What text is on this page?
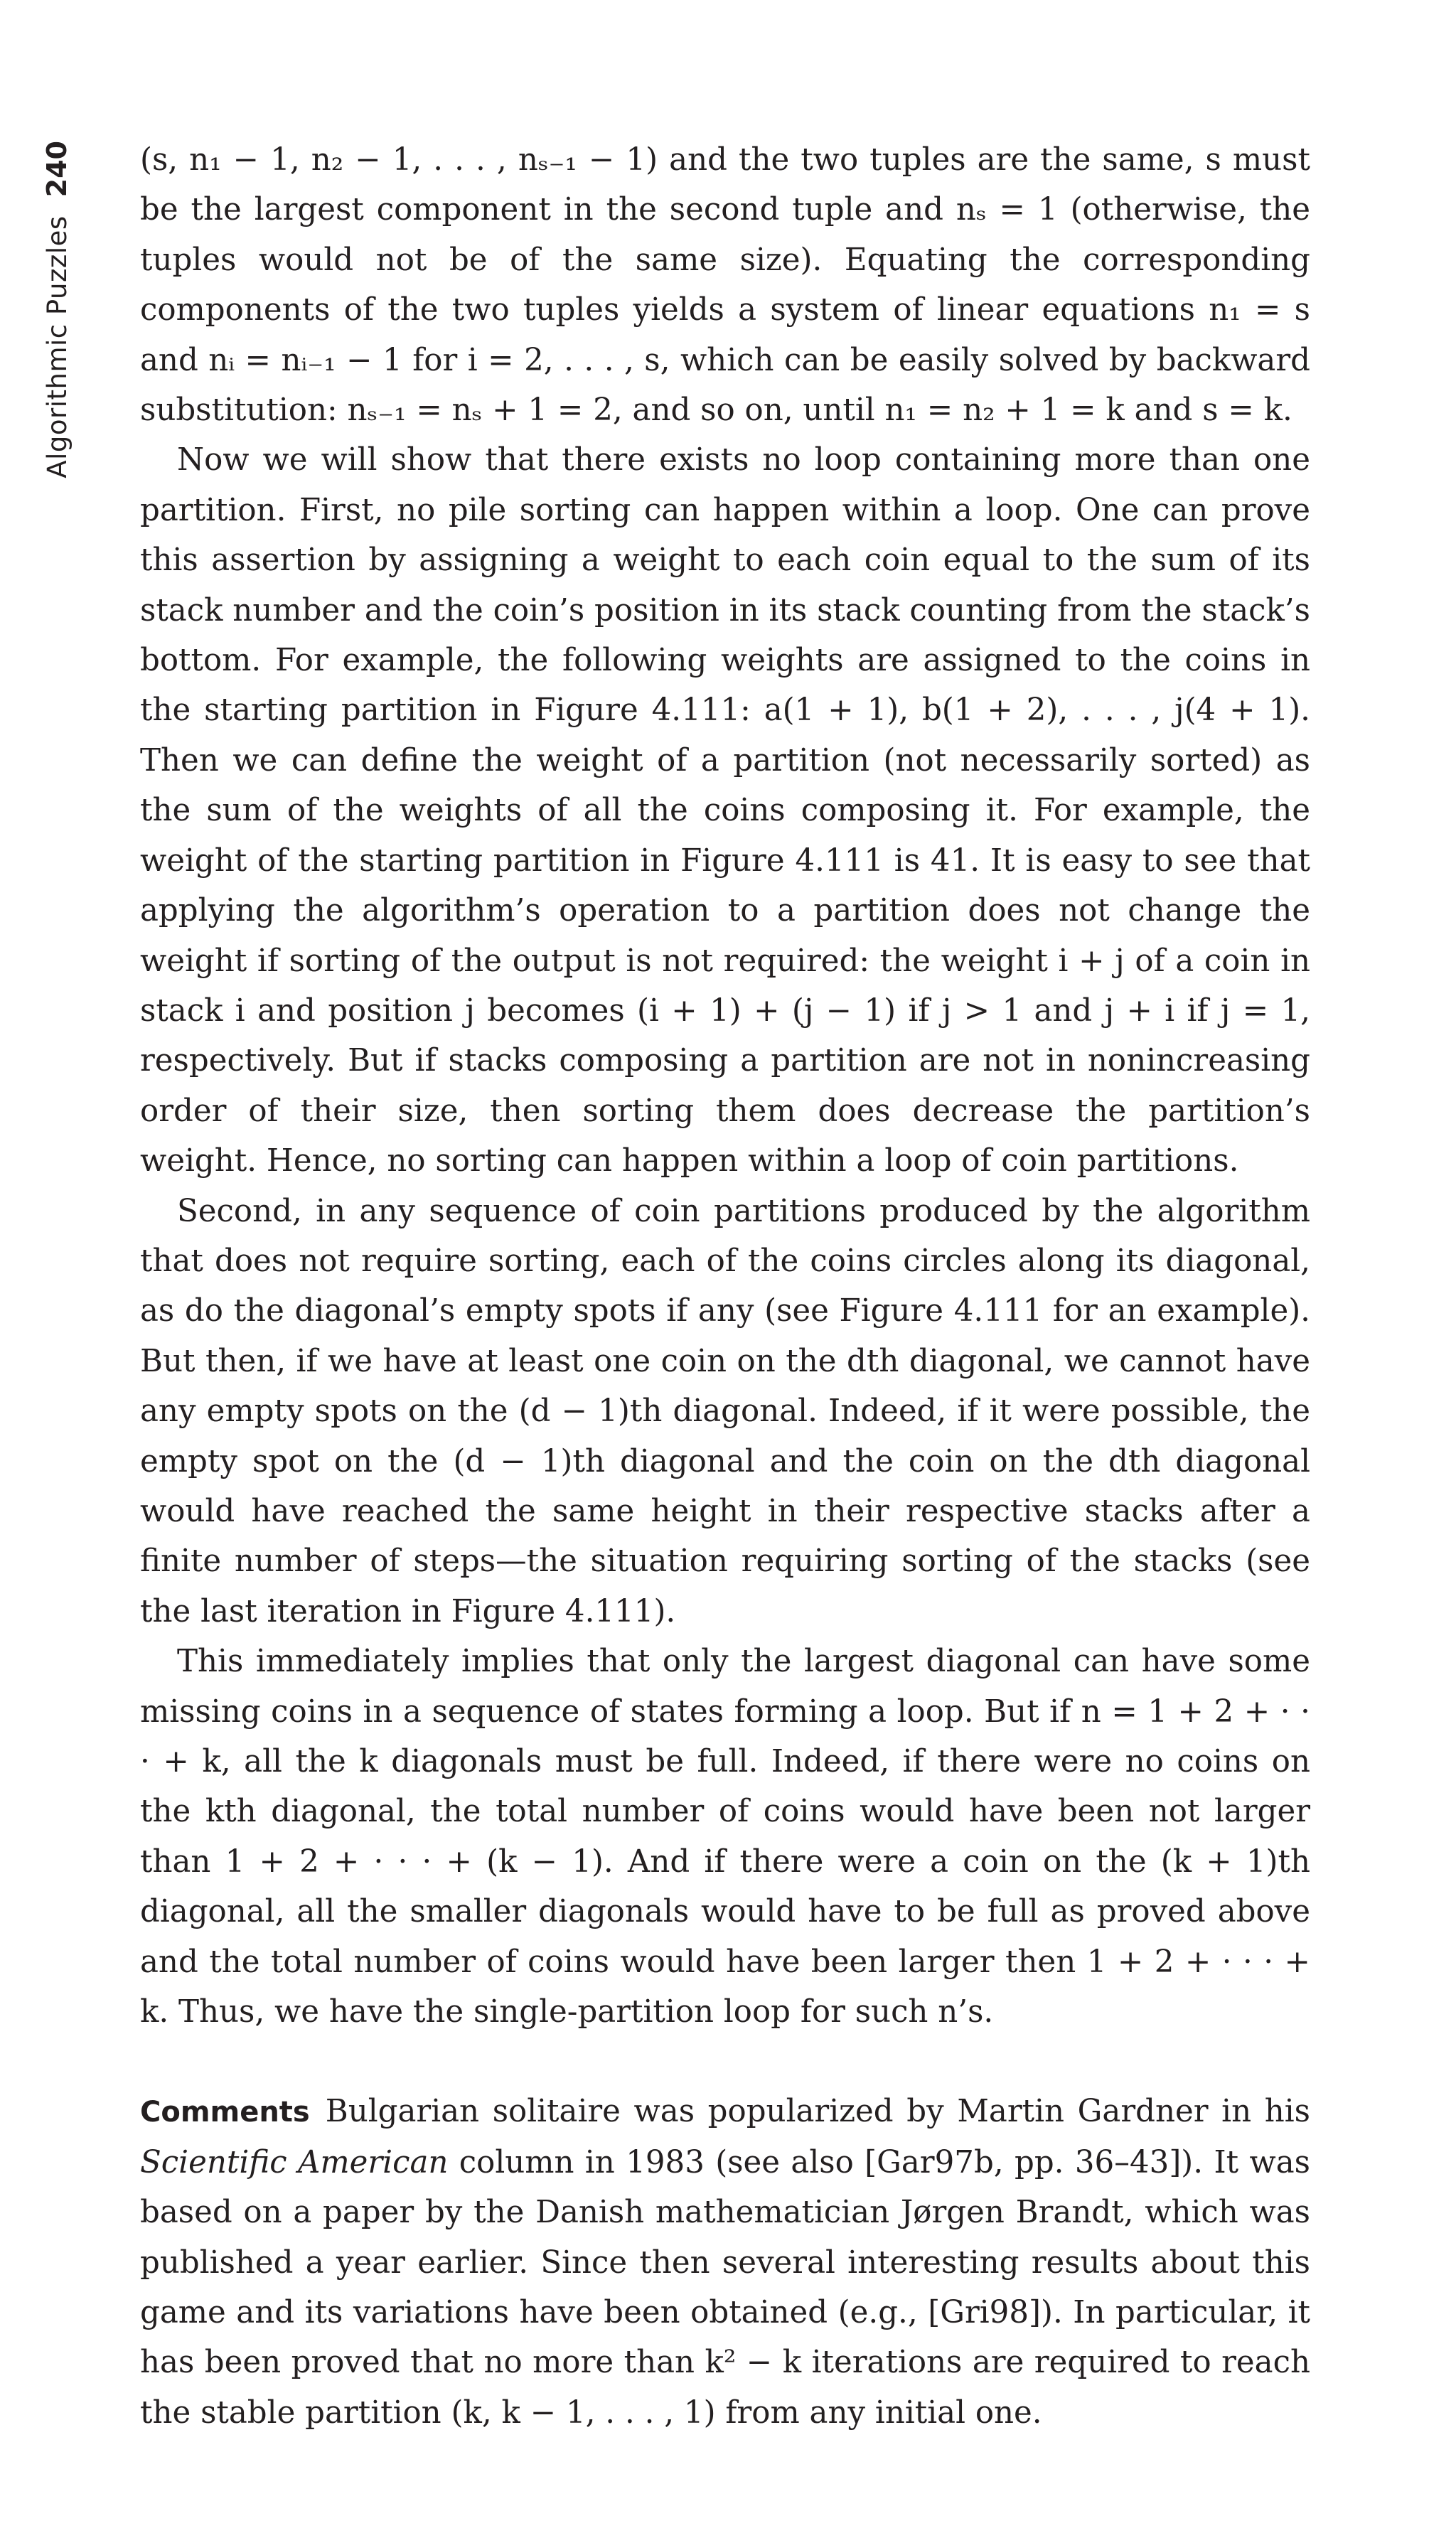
240
Algorithmic Puzzles

(s, n₁ − 1, n₂ − 1, . . . , nₛ₋₁ − 1) and the two tuples are the same, s must be the largest component in the second tuple and nₛ = 1 (otherwise, the tuples would not be of the same size). Equating the corresponding components of the two tuples yields a system of linear equations n₁ = s and nᵢ = nᵢ₋₁ − 1 for i = 2, . . . , s, which can be easily solved by backward substitution: nₛ₋₁ = nₛ + 1 = 2, and so on, until n₁ = n₂ + 1 = k and s = k.

Now we will show that there exists no loop containing more than one partition. First, no pile sorting can happen within a loop. One can prove this assertion by assigning a weight to each coin equal to the sum of its stack number and the coin’s position in its stack counting from the stack’s bottom. For example, the following weights are assigned to the coins in the starting partition in Figure 4.111: a(1 + 1), b(1 + 2), . . . , j(4 + 1). Then we can define the weight of a partition (not necessarily sorted) as the sum of the weights of all the coins composing it. For example, the weight of the starting partition in Figure 4.111 is 41. It is easy to see that applying the algorithm’s operation to a partition does not change the weight if sorting of the output is not required: the weight i + j of a coin in stack i and position j becomes (i + 1) + (j − 1) if j > 1 and j + i if j = 1, respectively. But if stacks composing a partition are not in nonincreasing order of their size, then sorting them does decrease the partition’s weight. Hence, no sorting can happen within a loop of coin partitions.

Second, in any sequence of coin partitions produced by the algorithm that does not require sorting, each of the coins circles along its diagonal, as do the diagonal’s empty spots if any (see Figure 4.111 for an example). But then, if we have at least one coin on the dth diagonal, we cannot have any empty spots on the (d − 1)th diagonal. Indeed, if it were possible, the empty spot on the (d − 1)th diagonal and the coin on the dth diagonal would have reached the same height in their respective stacks after a finite number of steps—the situation requiring sorting of the stacks (see the last iteration in Figure 4.111).

This immediately implies that only the largest diagonal can have some missing coins in a sequence of states forming a loop. But if n = 1 + 2 + · · · + k, all the k diagonals must be full. Indeed, if there were no coins on the kth diagonal, the total number of coins would have been not larger than 1 + 2 + · · · + (k − 1). And if there were a coin on the (k + 1)th diagonal, all the smaller diagonals would have to be full as proved above and the total number of coins would have been larger then 1 + 2 + · · · + k. Thus, we have the single-partition loop for such n’s.

Comments Bulgarian solitaire was popularized by Martin Gardner in his Scientific American column in 1983 (see also [Gar97b, pp. 36–43]). It was based on a paper by the Danish mathematician Jørgen Brandt, which was published a year earlier. Since then several interesting results about this game and its variations have been obtained (e.g., [Gri98]). In particular, it has been proved that no more than k² − k iterations are required to reach the stable partition (k, k − 1, . . . , 1) from any initial one.
